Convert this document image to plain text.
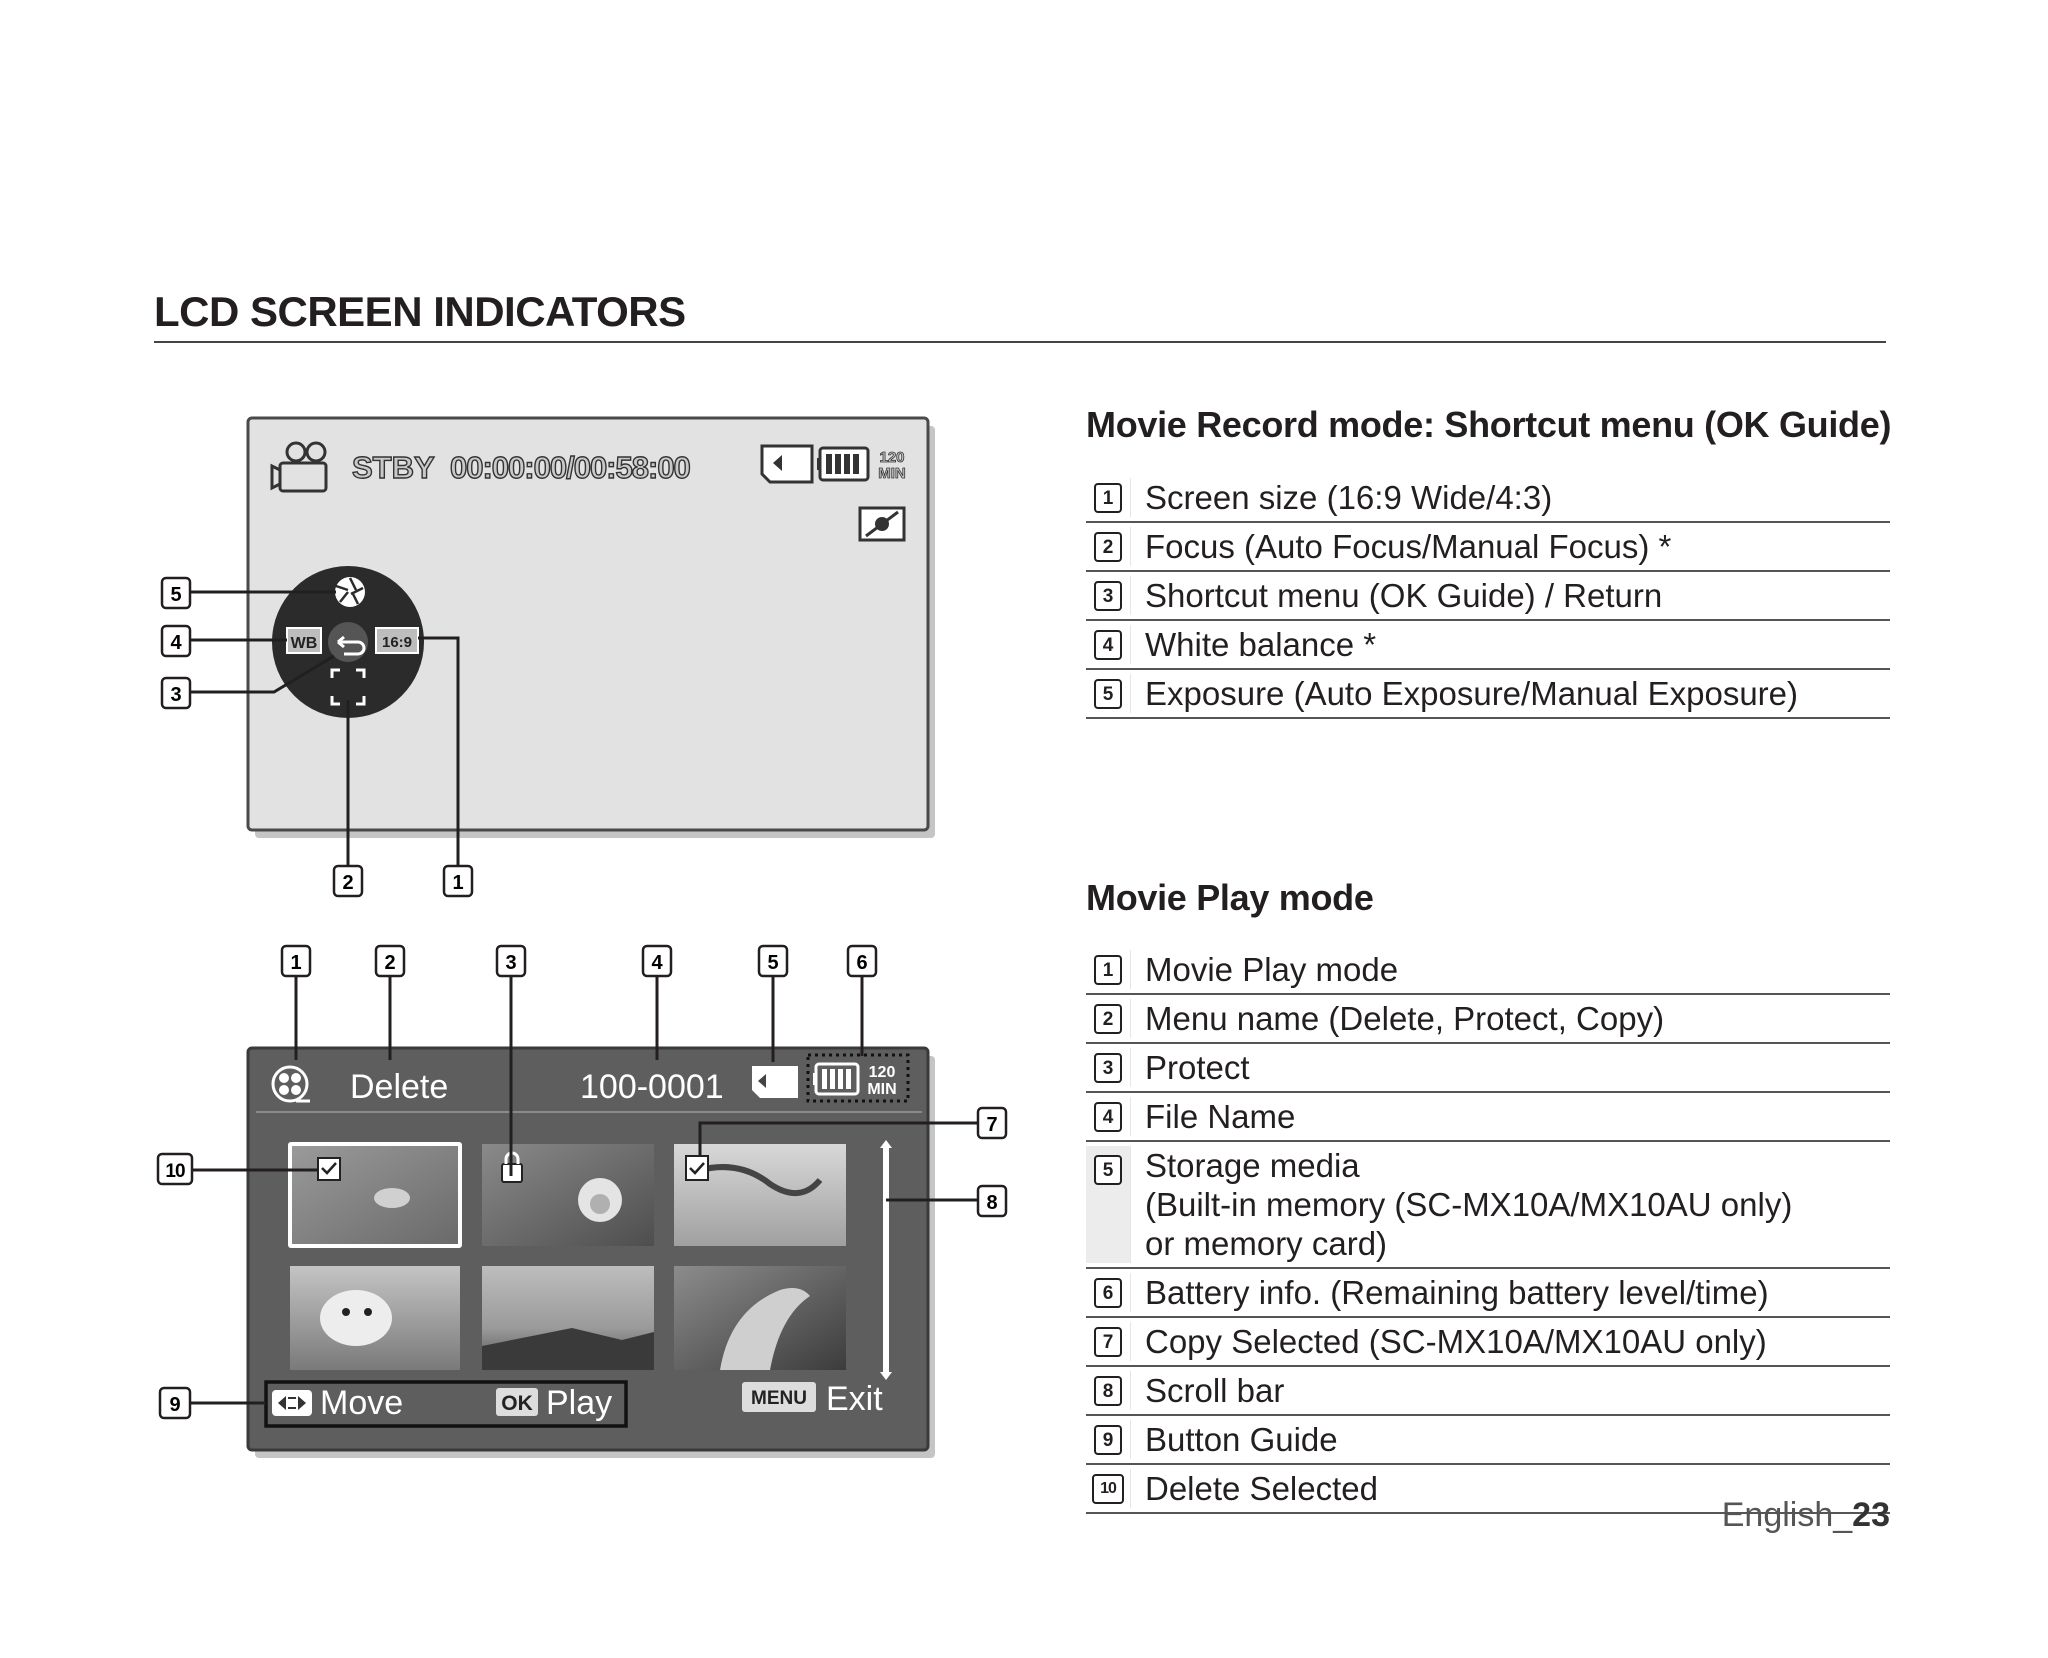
LCD SCREEN INDICATORS
STBY 00:00:00/00:58:00	120
MIN
WB	16:9
5
4
3
2	1
Delete	100-0001	120
MIN
Move	OK Play	MENU Exit
1	2	3	4	5	6
7
8
9
10
Movie Record mode: Shortcut menu (OK Guide)
1 Screen size (16:9 Wide/4:3)
2 Focus (Auto Focus/Manual Focus) *
3 Shortcut menu (OK Guide) / Return
4 White balance *
5 Exposure (Auto Exposure/Manual Exposure)
Movie Play mode
1 Movie Play mode
2 Menu name (Delete, Protect, Copy)
3 Protect
4 File Name
5 Storage media
(Built-in memory (SC-MX10A/MX10AU only)
or memory card)
6 Battery info. (Remaining battery level/time)
7 Copy Selected (SC-MX10A/MX10AU only)
8 Scroll bar
9 Button Guide
10 Delete Selected
English_23
